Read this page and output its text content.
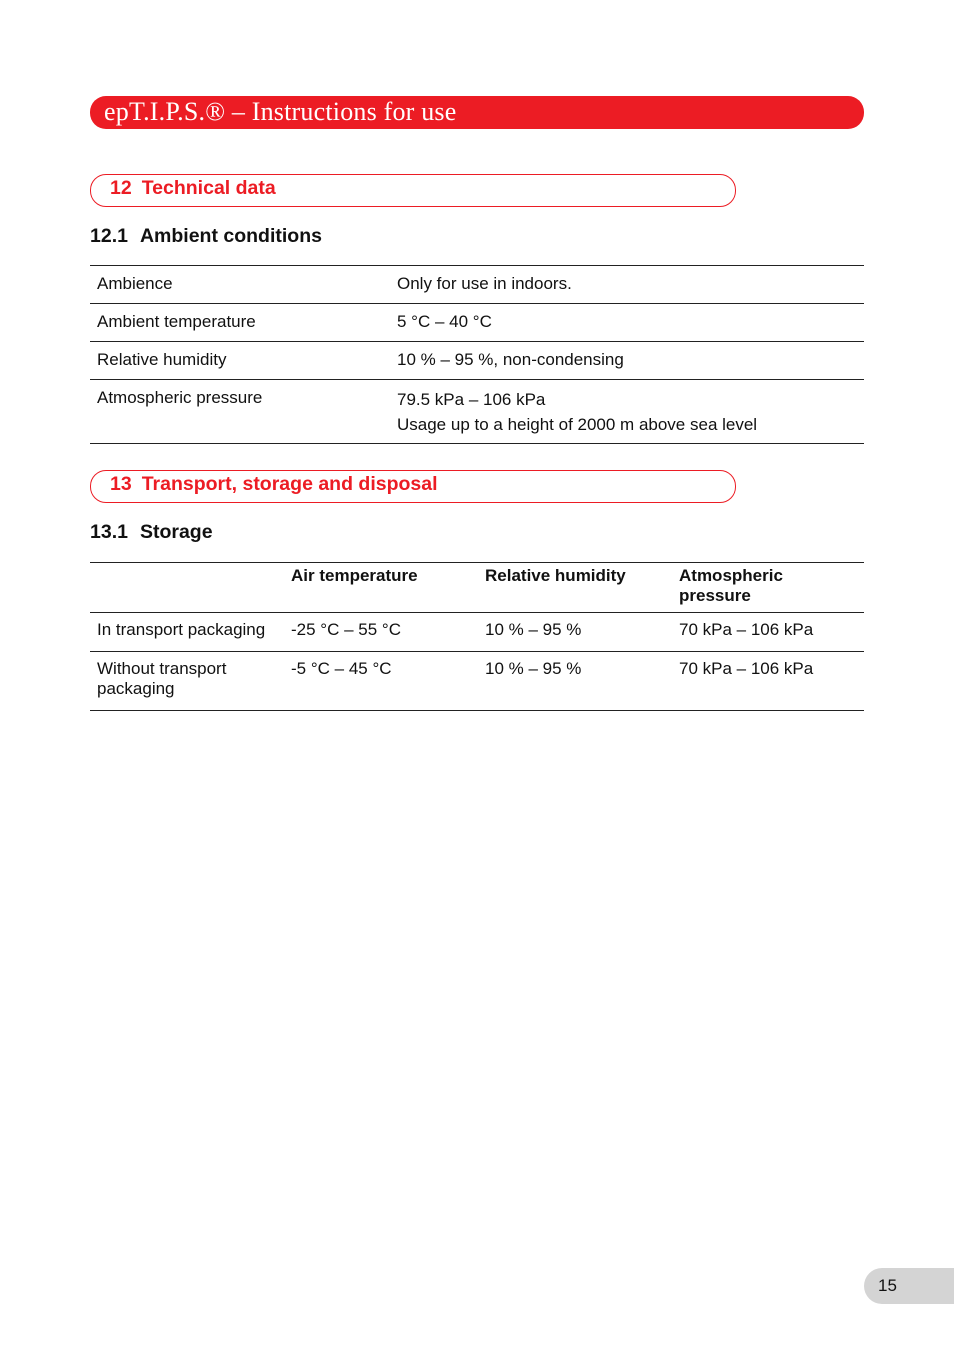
epT.I.P.S.® – Instructions for use
12 Technical data
12.1 Ambient conditions
Ambience	Only for use in indoors.
Ambient temperature	5 °C – 40 °C
Relative humidity	10 % – 95 %, non-condensing
Atmospheric pressure	79.5 kPa – 106 kPa
Usage up to a height of 2000 m above sea level
13 Transport, storage and disposal
13.1 Storage
	Air temperature	Relative humidity	Atmospheric pressure
In transport packaging	-25 °C – 55 °C	10 % – 95 %	70 kPa – 106 kPa
Without transport packaging	-5 °C – 45 °C	10 % – 95 %	70 kPa – 106 kPa
15
